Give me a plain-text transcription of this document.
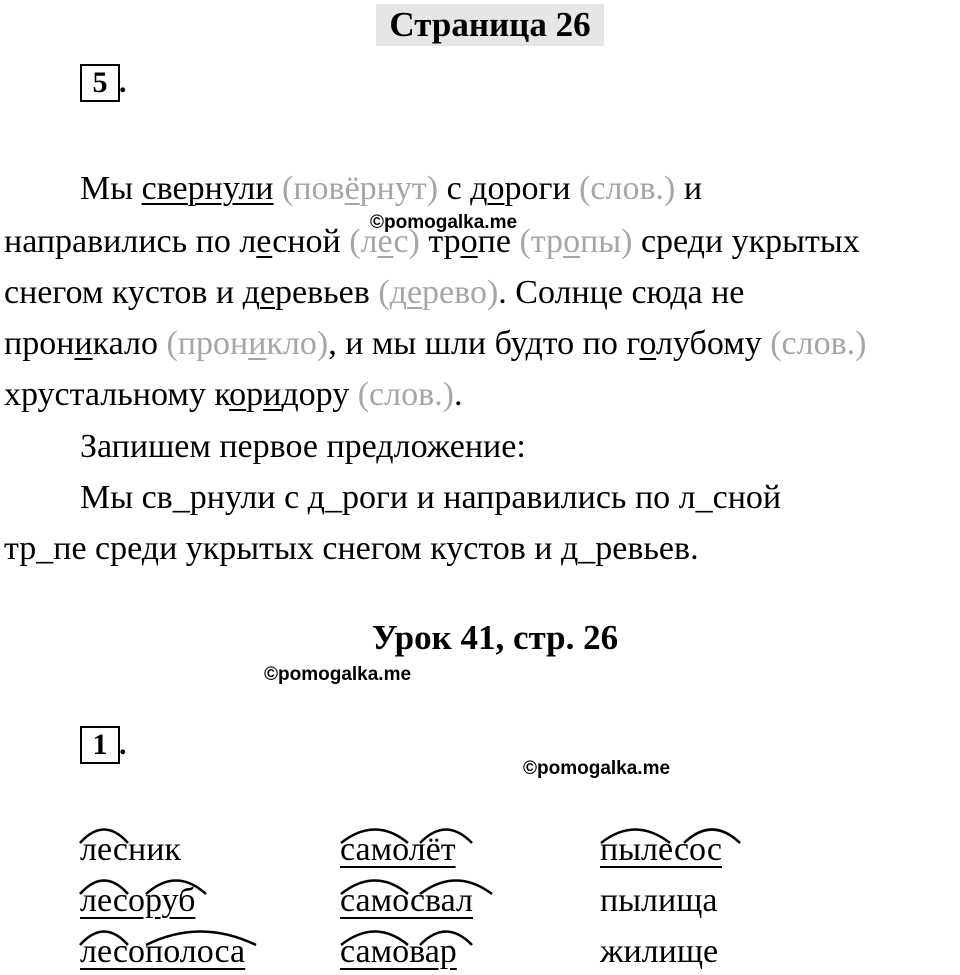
Страница 26
5 .
Мы свернули (повёрнут) с дороги (слов.) и
©pomogalka.me
направились по лесной (лес) тропе (тропы) среди укрытых
снегом кустов и деревьев (дерево). Солнце сюда не
проникало (проникло), и мы шли будто по голубому (слов.)
хрустальному коридору (слов.).
Запишем первое предложение:
Мы св_рнули с д_роги и направились по л_сной
тр_пе среди укрытых снегом кустов и д_ревьев.
Урок 41, стр. 26
©pomogalka.me
1 .
©pomogalka.me
лесник
лесоруб
лесополоса
самолёт
самосвал
самовар
пылесос
пылища
жилище
